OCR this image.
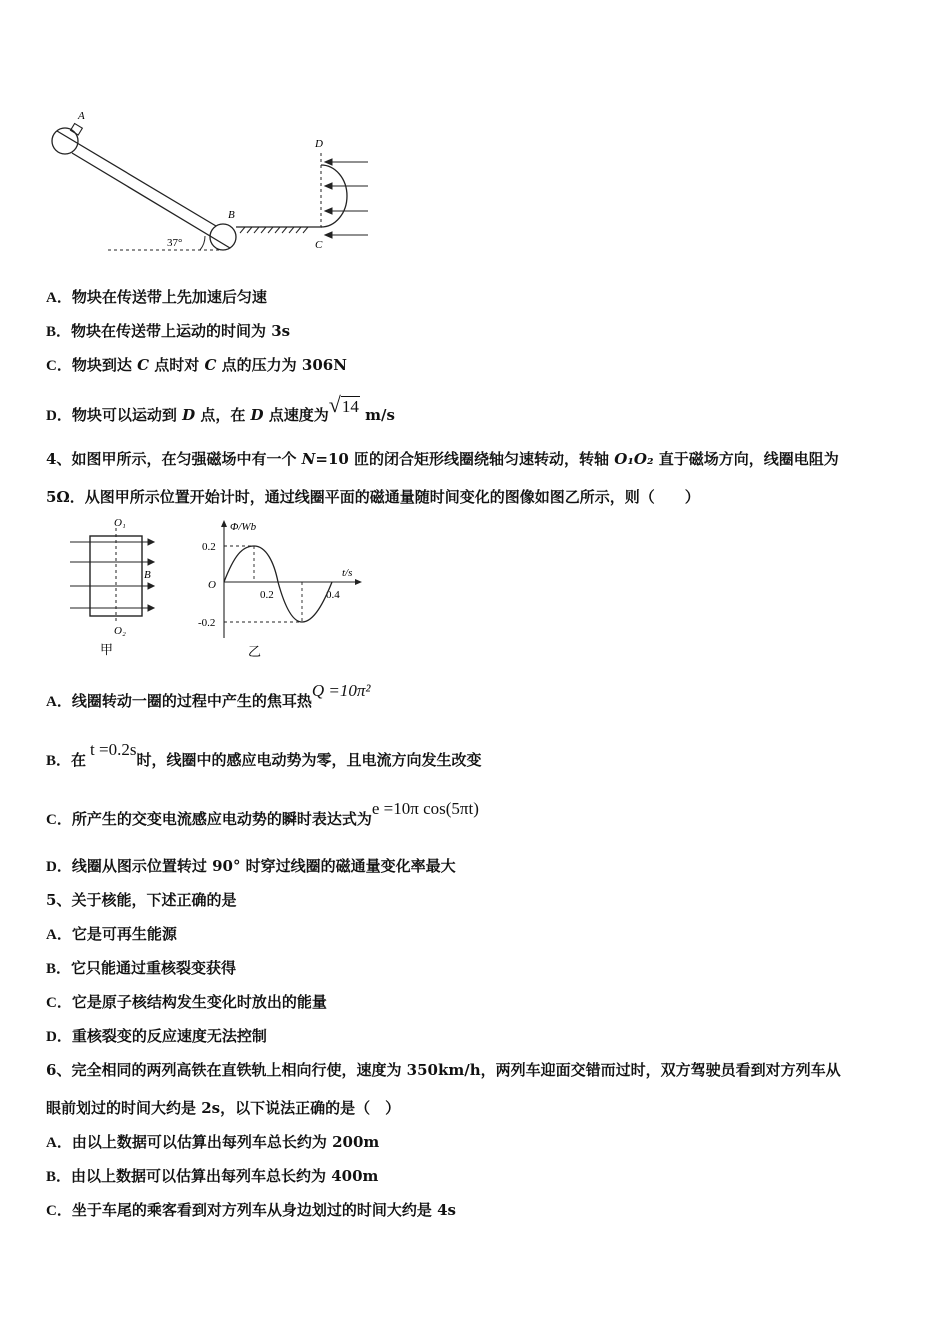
A
37°
B
D
C
A．物块在传送带上先加速后匀速
B．物块在传送带上运动的时间为 3s
C．物块到达 C 点时对 C 点的压力为 306N
D．物块可以运动到 D 点，在 D 点速度为√14 m/s
4、如图甲所示，在匀强磁场中有一个 N=10 匝的闭合矩形线圈绕轴匀速转动，转轴 O₁O₂ 直于磁场方向，线圈电阻为
5Ω．从图甲所示位置开始计时，通过线圈平面的磁通量随时间变化的图像如图乙所示，则（　　）
O₁
O₂
B
甲
Φ/Wb
t/s
O
0.2
-0.2
0.2	0.4
乙
A．线圈转动一圈的过程中产生的焦耳热Q =10π²
B．在t =0.2s时，线圈中的感应电动势为零，且电流方向发生改变
C．所产生的交变电流感应电动势的瞬时表达式为e =10π cos(5πt)
D．线圈从图示位置转过 90° 时穿过线圈的磁通量变化率最大
5、关于核能，下述正确的是
A．它是可再生能源
B．它只能通过重核裂变获得
C．它是原子核结构发生变化时放出的能量
D．重核裂变的反应速度无法控制
6、完全相同的两列高铁在直铁轨上相向行使，速度为 350km/h，两列车迎面交错而过时，双方驾驶员看到对方列车从
眼前划过的时间大约是 2s，以下说法正确的是（　）
A．由以上数据可以估算出每列车总长约为 200m
B．由以上数据可以估算出每列车总长约为 400m
C．坐于车尾的乘客看到对方列车从身边划过的时间大约是 4s
